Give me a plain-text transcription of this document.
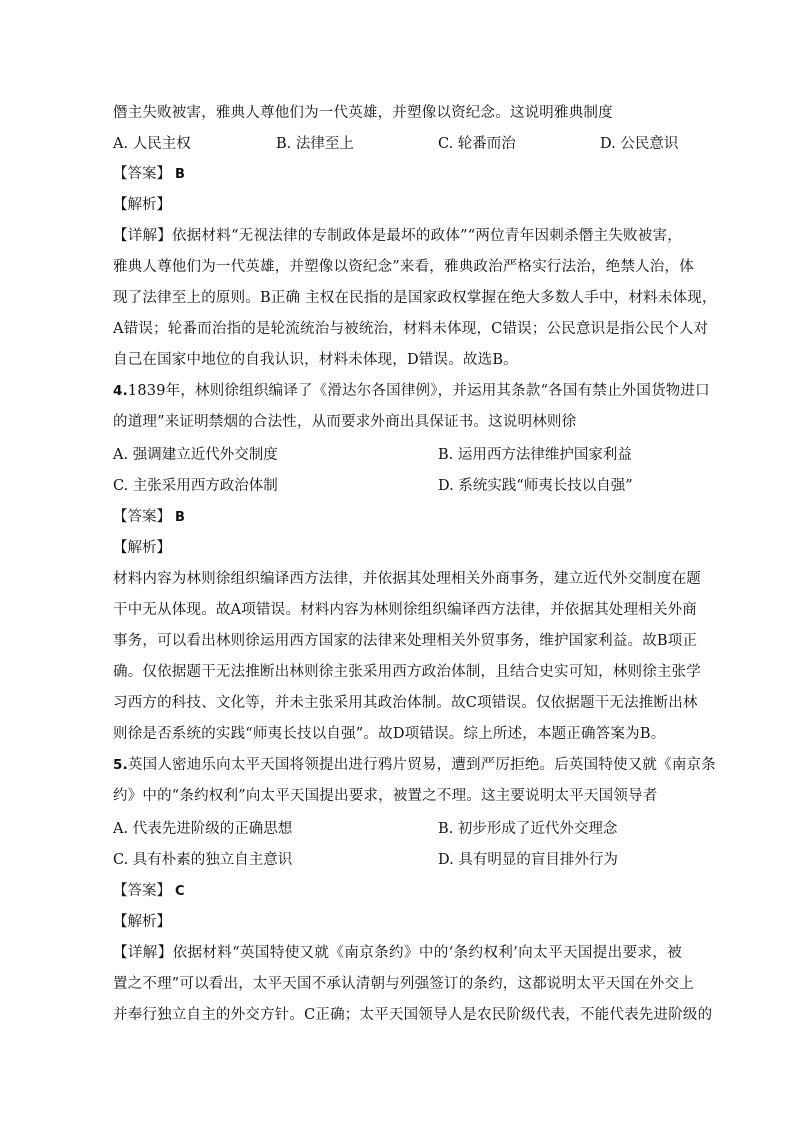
僭主失败被害，雅典人尊他们为一代英雄，并塑像以资纪念。这说明雅典制度
A. 人民主权	B. 法律至上	C. 轮番而治	D. 公民意识
【答案】 B
【解析】
【详解】依据材料“无视法律的专制政体是最坏的政体”“两位青年因刺杀僭主失败被害，
雅典人尊他们为一代英雄，并塑像以资纪念”来看，雅典政治严格实行法治，绝禁人治，体
现了法律至上的原则。B正确 主权在民指的是国家政权掌握在绝大多数人手中，材料未体现，
A错误；轮番而治指的是轮流统治与被统治，材料未体现，C错误；公民意识是指公民个人对
自己在国家中地位的自我认识，材料未体现，D错误。故选B。
4.1839年，林则徐组织编译了《滑达尔各国律例》，并运用其条款“各国有禁止外国货物进口
的道理”来证明禁烟的合法性，从而要求外商出具保证书。这说明林则徐
A. 强调建立近代外交制度	B. 运用西方法律维护国家利益
C. 主张采用西方政治体制	D. 系统实践“师夷长技以自强”
【答案】 B
【解析】
材料内容为林则徐组织编译西方法律，并依据其处理相关外商事务，建立近代外交制度在题
干中无从体现。故A项错误。材料内容为林则徐组织编译西方法律，并依据其处理相关外商
事务，可以看出林则徐运用西方国家的法律来处理相关外贸事务，维护国家利益。故B项正
确。仅依据题干无法推断出林则徐主张采用西方政治体制，且结合史实可知，林则徐主张学
习西方的科技、文化等，并未主张采用其政治体制。故C项错误。仅依据题干无法推断出林
则徐是否系统的实践“师夷长技以自强”。故D项错误。综上所述，本题正确答案为B。
5.英国人密迪乐向太平天国将领提出进行鸦片贸易，遭到严厉拒绝。后英国特使又就《南京条
约》中的“条约权利”向太平天国提出要求，被置之不理。这主要说明太平天国领导者
A. 代表先进阶级的正确思想	B. 初步形成了近代外交理念
C. 具有朴素的独立自主意识	D. 具有明显的盲目排外行为
【答案】 C
【解析】
【详解】依据材料“英国特使又就《南京条约》中的‘条约权利’向太平天国提出要求，被
置之不理”可以看出，太平天国不承认清朝与列强签订的条约，这都说明太平天国在外交上
并奉行独立自主的外交方针。C正确；太平天国领导人是农民阶级代表，不能代表先进阶级的
